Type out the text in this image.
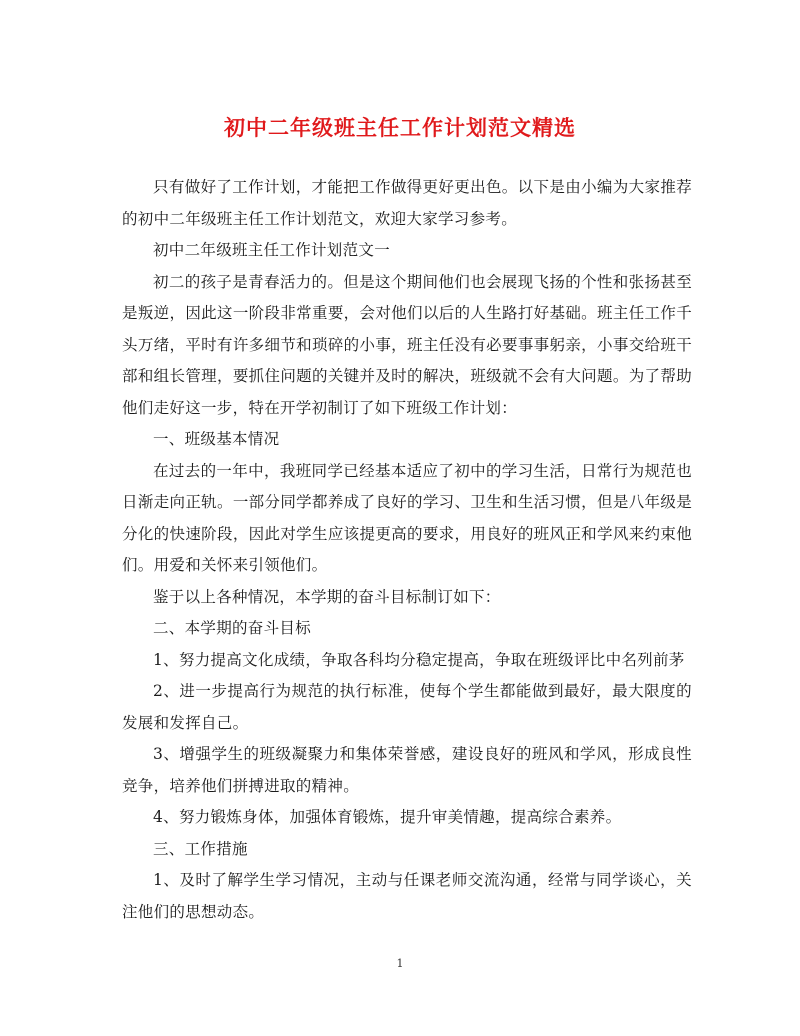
初中二年级班主任工作计划范文精选

只有做好了工作计划，才能把工作做得更好更出色。以下是由小编为大家推荐的初中二年级班主任工作计划范文，欢迎大家学习参考。

初中二年级班主任工作计划范文一

初二的孩子是青春活力的。但是这个期间他们也会展现飞扬的个性和张扬甚至是叛逆，因此这一阶段非常重要，会对他们以后的人生路打好基础。班主任工作千头万绪，平时有许多细节和琐碎的小事，班主任没有必要事事躬亲，小事交给班干部和组长管理，要抓住问题的关键并及时的解决，班级就不会有大问题。为了帮助他们走好这一步，特在开学初制订了如下班级工作计划：

一、班级基本情况

在过去的一年中，我班同学已经基本适应了初中的学习生活，日常行为规范也日渐走向正轨。一部分同学都养成了良好的学习、卫生和生活习惯，但是八年级是分化的快速阶段，因此对学生应该提更高的要求，用良好的班风正和学风来约束他们。用爱和关怀来引领他们。

鉴于以上各种情况，本学期的奋斗目标制订如下：

二、本学期的奋斗目标

1、努力提高文化成绩，争取各科均分稳定提高，争取在班级评比中名列前茅

2、进一步提高行为规范的执行标准，使每个学生都能做到最好，最大限度的发展和发挥自己。

3、增强学生的班级凝聚力和集体荣誉感，建设良好的班风和学风，形成良性竞争，培养他们拼搏进取的精神。

4、努力锻炼身体，加强体育锻炼，提升审美情趣，提高综合素养。

三、工作措施

1、及时了解学生学习情况，主动与任课老师交流沟通，经常与同学谈心，关注他们的思想动态。

1
